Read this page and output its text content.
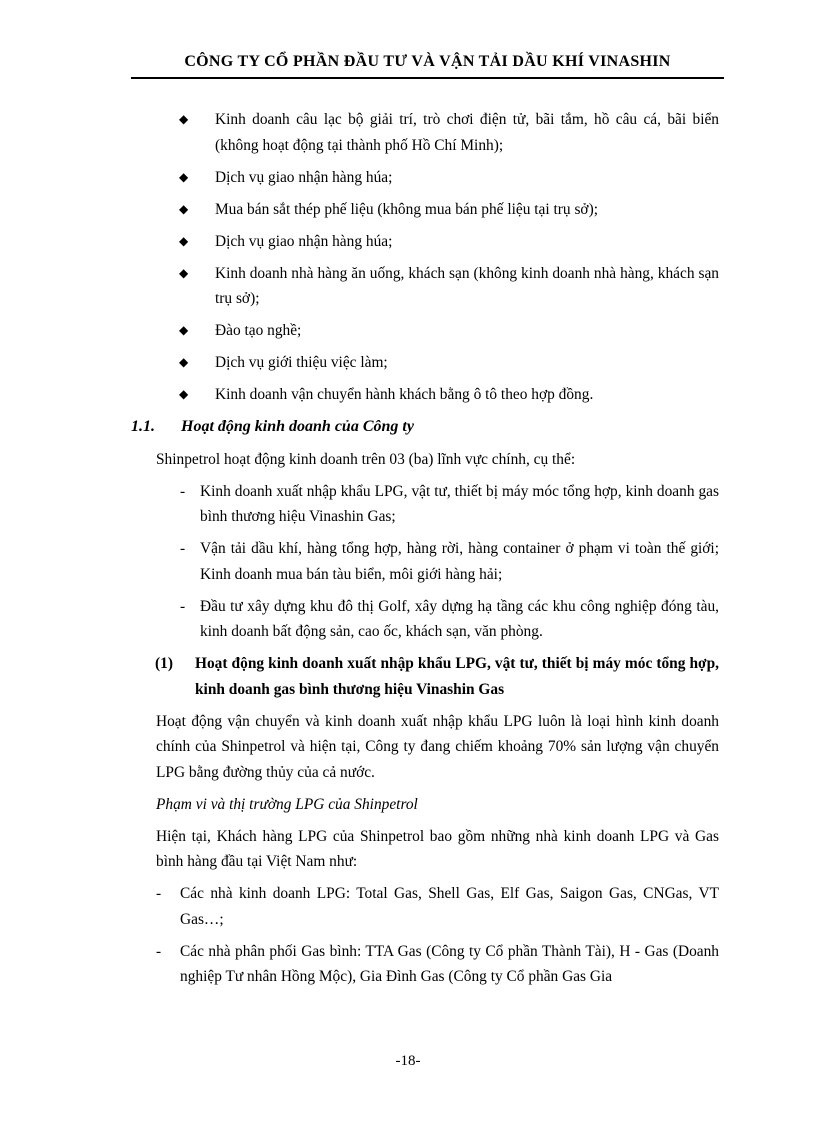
CÔNG TY CỔ PHẦN ĐẦU TƯ VÀ VẬN TẢI DẦU KHÍ VINASHIN
◆ Kinh doanh câu lạc bộ giải trí, trò chơi điện tử, bãi tắm, hồ câu cá, bãi biển (không hoạt động tại thành phố Hồ Chí Minh);
◆ Dịch vụ giao nhận hàng húa;
◆ Mua bán sắt thép phế liệu (không mua bán phế liệu tại trụ sở);
◆ Dịch vụ giao nhận hàng húa;
◆ Kinh doanh nhà hàng ăn uống, khách sạn (không kinh doanh nhà hàng, khách sạn trụ sở);
◆ Đào tạo nghề;
◆ Dịch vụ giới thiệu việc làm;
◆ Kinh doanh vận chuyển hành khách bằng ô tô theo hợp đồng.
1.1. Hoạt động kinh doanh của Công ty
Shinpetrol hoạt động kinh doanh trên 03 (ba) lĩnh vực chính, cụ thể:
- Kinh doanh xuất nhập khẩu LPG, vật tư, thiết bị máy móc tổng hợp, kinh doanh gas bình thương hiệu Vinashin Gas;
- Vận tải dầu khí, hàng tổng hợp, hàng rời, hàng container ở phạm vi toàn thế giới; Kinh doanh mua bán tàu biển, môi giới hàng hải;
- Đầu tư xây dựng khu đô thị Golf, xây dựng hạ tầng các khu công nghiệp đóng tàu, kinh doanh bất động sản, cao ốc, khách sạn, văn phòng.
(1) Hoạt động kinh doanh xuất nhập khẩu LPG, vật tư, thiết bị máy móc tổng hợp, kinh doanh gas bình thương hiệu Vinashin Gas
Hoạt động vận chuyển và kinh doanh xuất nhập khẩu LPG luôn là loại hình kinh doanh chính của Shinpetrol và hiện tại, Công ty đang chiếm khoảng 70% sản lượng vận chuyển LPG bằng đường thủy của cả nước.
Phạm vi và thị trường LPG của Shinpetrol
Hiện tại, Khách hàng LPG của Shinpetrol bao gồm những nhà kinh doanh LPG và Gas bình hàng đầu tại Việt Nam như:
- Các nhà kinh doanh LPG: Total Gas, Shell Gas, Elf Gas, Saigon Gas, CNGas, VT Gas…;
- Các nhà phân phối Gas bình: TTA Gas (Công ty Cổ phần Thành Tài), H - Gas (Doanh nghiệp Tư nhân Hồng Mộc), Gia Đình Gas (Công ty Cổ phần Gas Gia
-18-
